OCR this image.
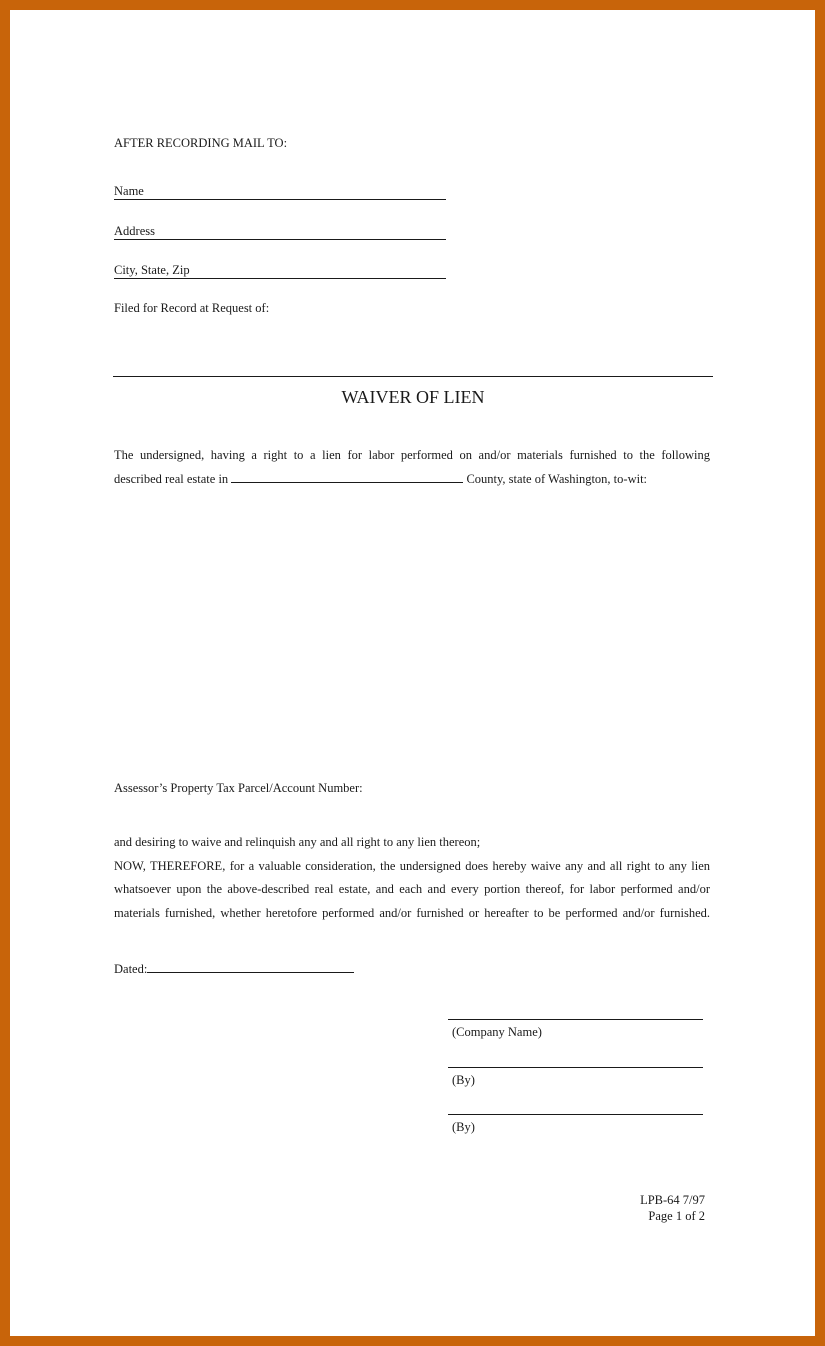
AFTER RECORDING MAIL TO:
Name
Address
City, State, Zip
Filed for Record at Request of:
WAIVER OF LIEN
The undersigned, having a right to a lien for labor performed on and/or materials furnished to the following
described real estate in	County, state of Washington, to-wit:
Assessor’s Property Tax Parcel/Account Number:
and desiring to waive and relinquish any and all right to any lien thereon;
NOW, THEREFORE, for a valuable consideration, the undersigned does hereby waive any and all right to any lien
whatsoever upon the above-described real estate, and each and every portion thereof, for labor performed and/or
materials furnished, whether heretofore performed and/or furnished or hereafter to be performed and/or furnished.
Dated:
(Company Name)
(By)
(By)
LPB-64 7/97
Page 1 of 2
